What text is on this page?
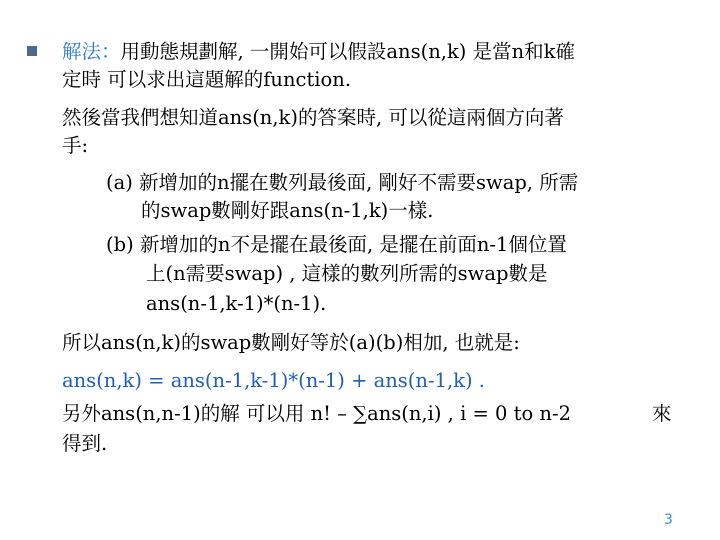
解法：用動態規劃解, 一開始可以假設ans(n,k) 是當n和k確
定時 可以求出這題解的function.
然後當我們想知道ans(n,k)的答案時, 可以從這兩個方向著
手:
(a) 新增加的n擺在數列最後面, 剛好不需要swap, 所需
的swap數剛好跟ans(n-1,k)一樣.
(b) 新增加的n不是擺在最後面, 是擺在前面n-1個位置
上(n需要swap) , 這樣的數列所需的swap數是
ans(n-1,k-1)*(n-1).
所以ans(n,k)的swap數剛好等於(a)(b)相加, 也就是:
ans(n,k) = ans(n-1,k-1)*(n-1) + ans(n-1,k) .
另外ans(n,n-1)的解 可以用 n! – ∑ans(n,i) , i = 0 to n-2	來
得到.
3
